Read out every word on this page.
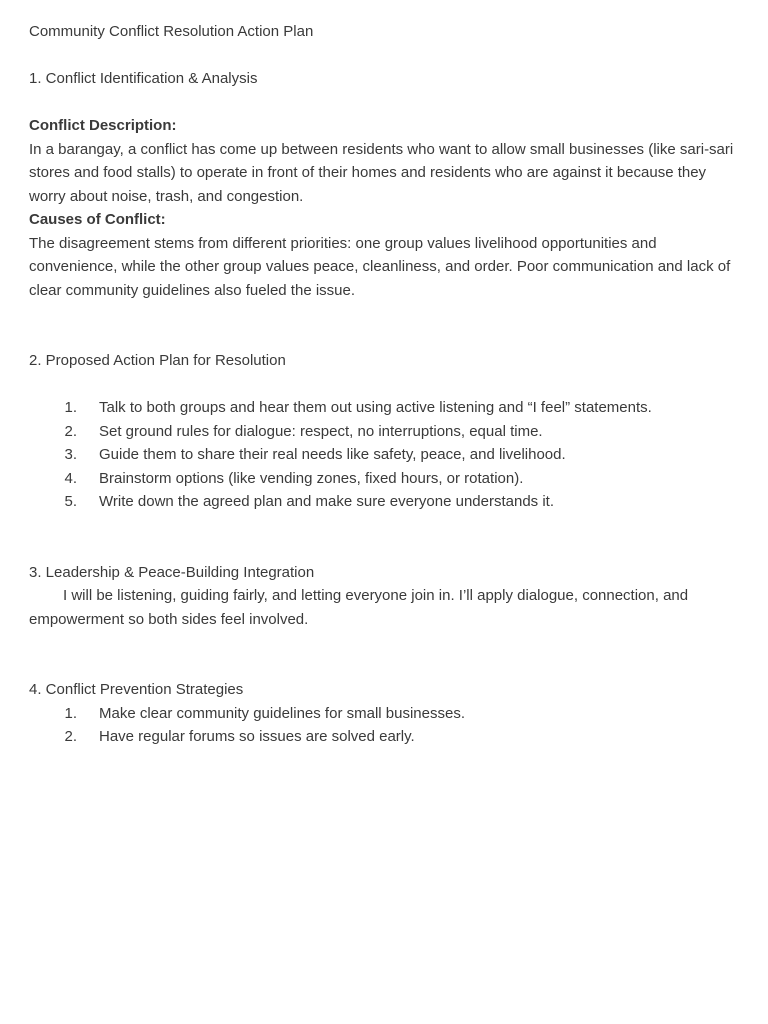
Community Conflict Resolution Action Plan

1. Conflict Identification & Analysis

Conflict Description:

In a barangay, a conflict has come up between residents who want to allow small businesses (like sari-sari stores and food stalls) to operate in front of their homes and residents who are against it because they worry about noise, trash, and congestion.

Causes of Conflict:

The disagreement stems from different priorities: one group values livelihood opportunities and convenience, while the other group values peace, cleanliness, and order. Poor communication and lack of clear community guidelines also fueled the issue.

2. Proposed Action Plan for Resolution

1.	Talk to both groups and hear them out using active listening and “I feel” statements.
2.	Set ground rules for dialogue: respect, no interruptions, equal time.
3.	Guide them to share their real needs like safety, peace, and livelihood.
4.	Brainstorm options (like vending zones, fixed hours, or rotation).
5.	Write down the agreed plan and make sure everyone understands it.

3. Leadership & Peace-Building Integration

I will be listening, guiding fairly, and letting everyone join in. I’ll apply dialogue, connection, and empowerment so both sides feel involved.

4. Conflict Prevention Strategies

1.	Make clear community guidelines for small businesses.
2.	Have regular forums so issues are solved early.
